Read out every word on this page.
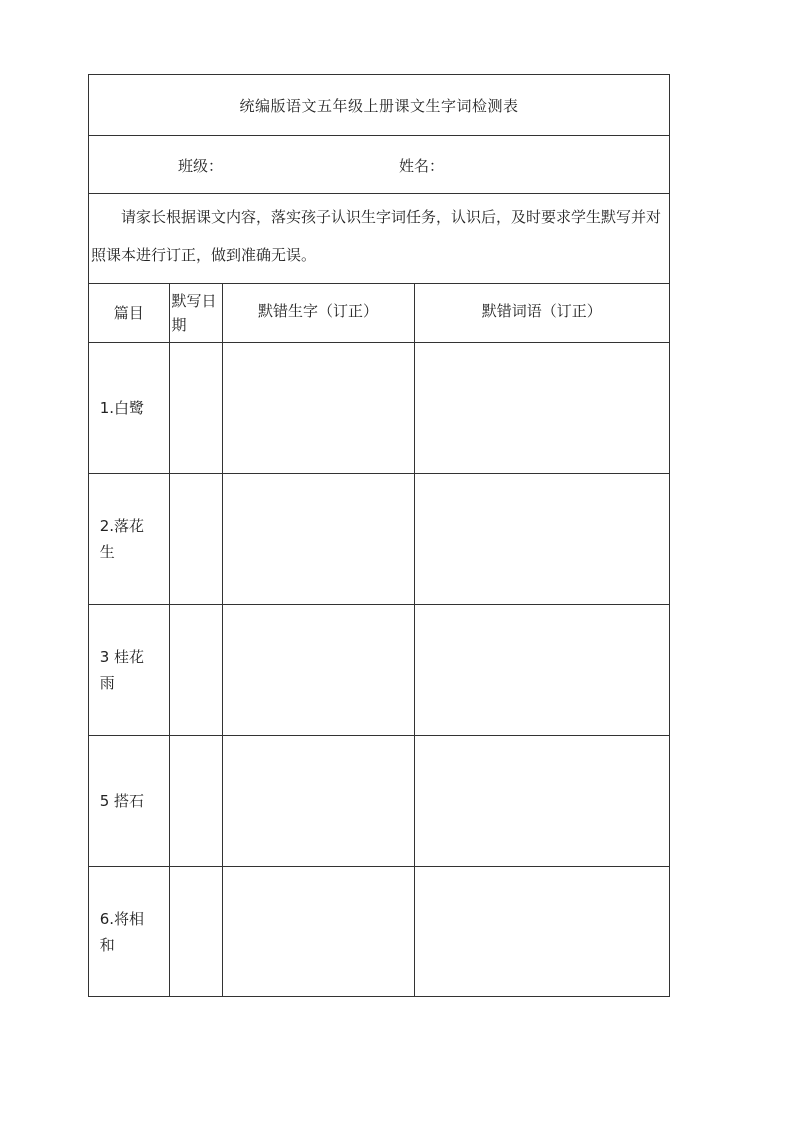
统编版语文五年级上册课文生字词检测表
班级：	姓名：
请家长根据课文内容，落实孩子认识生字词任务，认识后，及时要求学生默写并对照课本进行订正，做到准确无误。
篇目	默写日期	默错生字（订正）	默错词语（订正）
1.白鹭			
2.落花生			
3 桂花雨			
5 搭石			
6.将相和			
